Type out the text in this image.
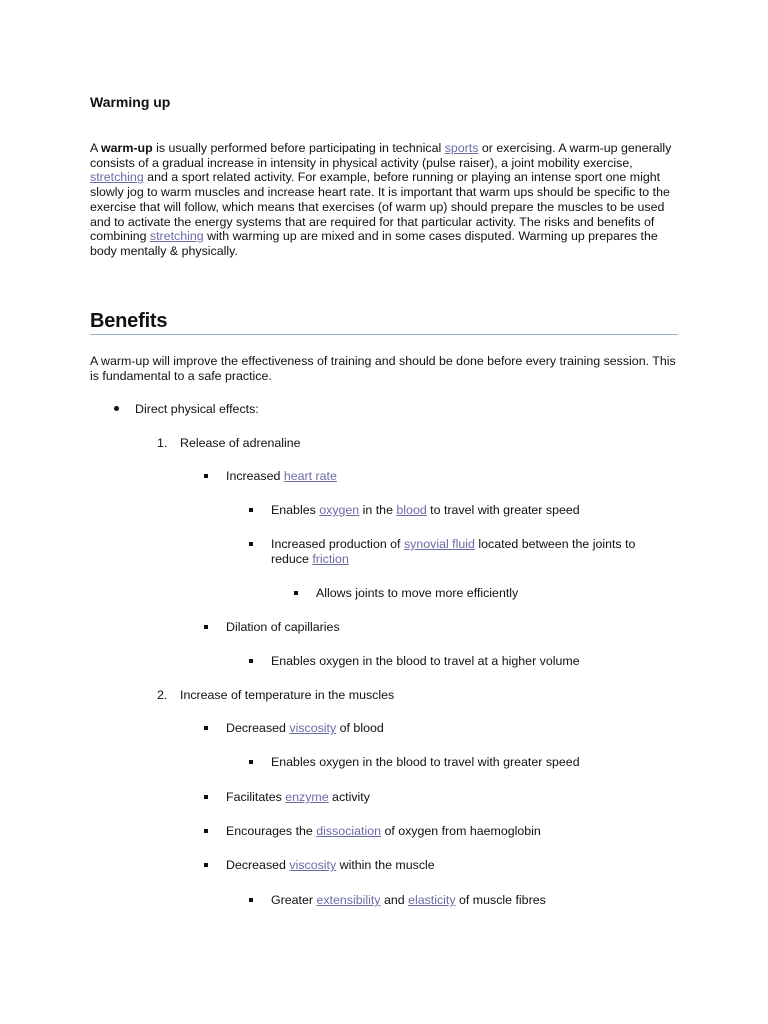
Warming up

A warm-up is usually performed before participating in technical sports or exercising. A warm-up generally consists of a gradual increase in intensity in physical activity (pulse raiser), a joint mobility exercise, stretching and a sport related activity. For example, before running or playing an intense sport one might slowly jog to warm muscles and increase heart rate. It is important that warm ups should be specific to the exercise that will follow, which means that exercises (of warm up) should prepare the muscles to be used and to activate the energy systems that are required for that particular activity. The risks and benefits of combining stretching with warming up are mixed and in some cases disputed. Warming up prepares the body mentally & physically.

Benefits

A warm-up will improve the effectiveness of training and should be done before every training session. This is fundamental to a safe practice.

Direct physical effects:

1. Release of adrenaline

Increased heart rate

Enables oxygen in the blood to travel with greater speed

Increased production of synovial fluid located between the joints to reduce friction

Allows joints to move more efficiently

Dilation of capillaries

Enables oxygen in the blood to travel at a higher volume

2. Increase of temperature in the muscles

Decreased viscosity of blood

Enables oxygen in the blood to travel with greater speed

Facilitates enzyme activity

Encourages the dissociation of oxygen from haemoglobin

Decreased viscosity within the muscle

Greater extensibility and elasticity of muscle fibres
